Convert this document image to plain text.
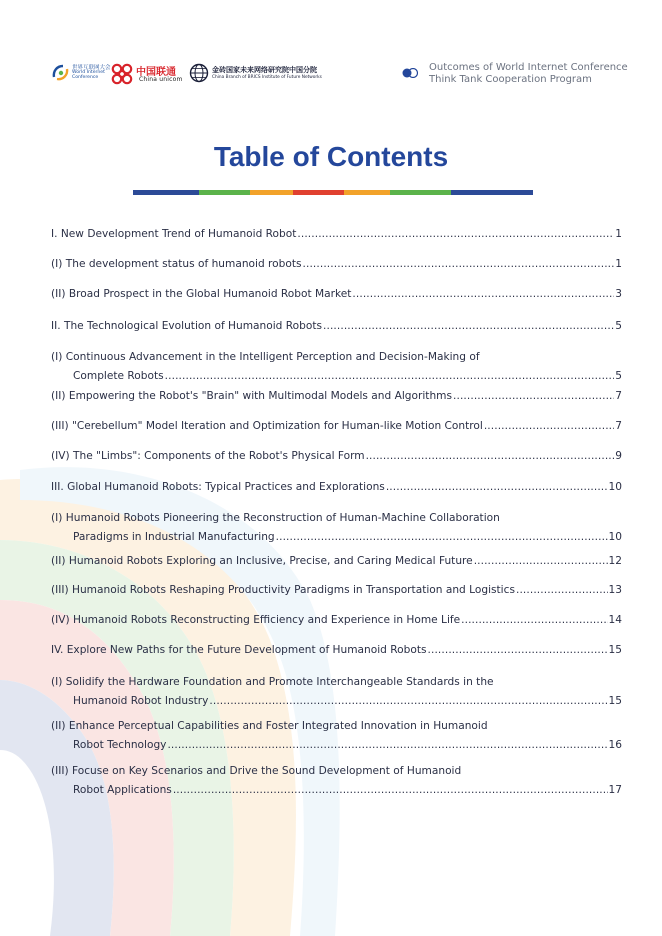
世界互联网大会
World Internet Conference	中国联通
China unicom
金砖国家未来网络研究院中国分院
China Branch of BRICS Institute of Future Networks
Outcomes of World Internet Conference
Think Tank Cooperation Program
Table of Contents
I. New Development Trend of Humanoid Robot .....	1
(I) The development status of humanoid robots .....	1
(II) Broad Prospect in the Global Humanoid Robot Market .....	3
II. The Technological Evolution of Humanoid Robots .....	5
(I) Continuous Advancement in the Intelligent Perception and Decision-Making of
Complete Robots .....	5
(II) Empowering the Robot's "Brain" with Multimodal Models and Algorithms .....	7
(III) "Cerebellum" Model Iteration and Optimization for Human-like Motion Control .....	7
(IV) The "Limbs": Components of the Robot's Physical Form .....	9
III. Global Humanoid Robots: Typical Practices and Explorations .....	10
(I) Humanoid Robots Pioneering the Reconstruction of Human-Machine Collaboration
Paradigms in Industrial Manufacturing .....	10
(II) Humanoid Robots Exploring an Inclusive, Precise, and Caring Medical Future .....	12
(III) Humanoid Robots Reshaping Productivity Paradigms in Transportation and Logistics .....	13
(IV) Humanoid Robots Reconstructing Efficiency and Experience in Home Life .....	14
IV. Explore New Paths for the Future Development of Humanoid Robots .....	15
(I) Solidify the Hardware Foundation and Promote Interchangeable Standards in the
Humanoid Robot Industry .....	15
(II) Enhance Perceptual Capabilities and Foster Integrated Innovation in Humanoid
Robot Technology .....	16
(III) Focuse on Key Scenarios and Drive the Sound Development of Humanoid
Robot Applications .....	17
